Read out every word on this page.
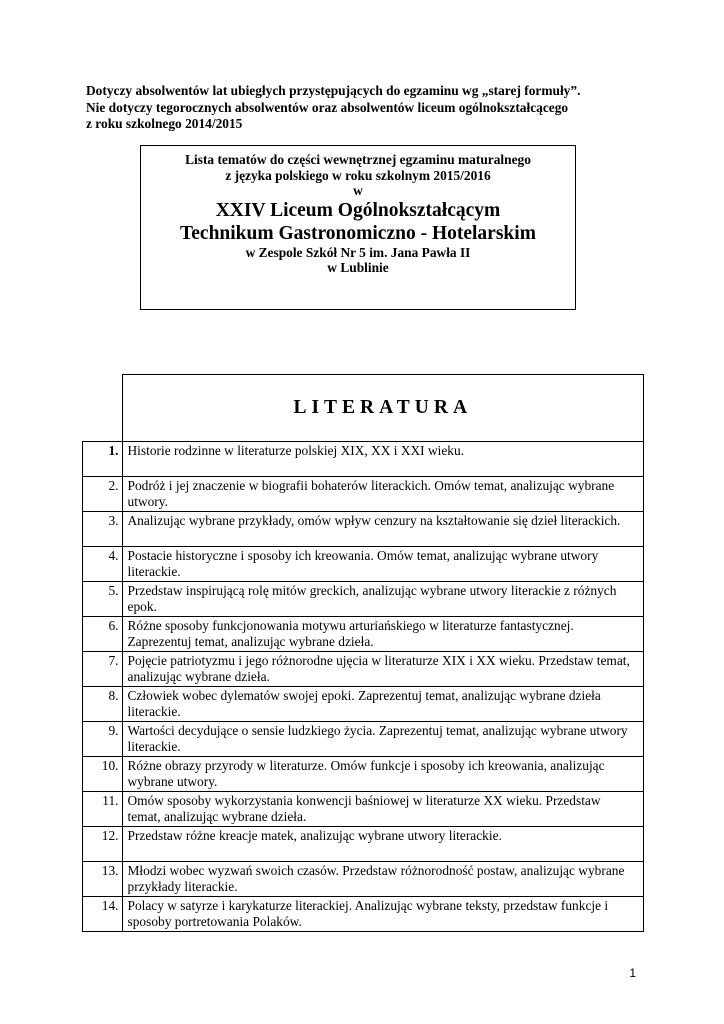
Dotyczy absolwentów lat ubiegłych przystępujących do egzaminu wg „starej formuły”.
Nie dotyczy tegorocznych absolwentów oraz absolwentów liceum ogólnokształcącego
z roku szkolnego 2014/2015
Lista tematów do części wewnętrznej egzaminu maturalnego
z języka polskiego w roku szkolnym 2015/2016
w
XXIV Liceum Ogólnokształcącym
Technikum Gastronomiczno - Hotelarskim
w Zespole Szkół Nr 5 im. Jana Pawła II
w Lublinie
	LITERATURA
1.	Historie rodzinne w literaturze polskiej XIX, XX i XXI wieku.
2.	Podróż i jej znaczenie w biografii bohaterów literackich. Omów temat, analizując wybrane utwory.
3.	Analizując wybrane przykłady, omów wpływ cenzury na kształtowanie się dzieł literackich.
4.	Postacie historyczne i sposoby ich kreowania. Omów temat, analizując wybrane utwory literackie.
5.	Przedstaw inspirującą rolę mitów greckich, analizując wybrane utwory literackie z różnych epok.
6.	Różne sposoby funkcjonowania motywu arturiańskiego w literaturze fantastycznej. Zaprezentuj temat, analizując wybrane dzieła.
7.	Pojęcie patriotyzmu i jego różnorodne ujęcia w literaturze XIX i XX wieku. Przedstaw temat, analizując wybrane dzieła.
8.	Człowiek wobec dylematów swojej epoki. Zaprezentuj temat, analizując wybrane dzieła literackie.
9.	Wartości decydujące o sensie ludzkiego życia. Zaprezentuj temat, analizując wybrane utwory literackie.
10.	Różne obrazy przyrody w literaturze. Omów funkcje i sposoby ich kreowania, analizując wybrane utwory.
11.	Omów sposoby wykorzystania konwencji baśniowej w literaturze XX wieku. Przedstaw temat, analizując wybrane dzieła.
12.	Przedstaw różne kreacje matek, analizując wybrane utwory literackie.
13.	Młodzi wobec wyzwań swoich czasów. Przedstaw różnorodność postaw, analizując wybrane przykłady literackie.
14.	Polacy w satyrze i karykaturze literackiej. Analizując wybrane teksty, przedstaw funkcje i sposoby portretowania Polaków.
1
